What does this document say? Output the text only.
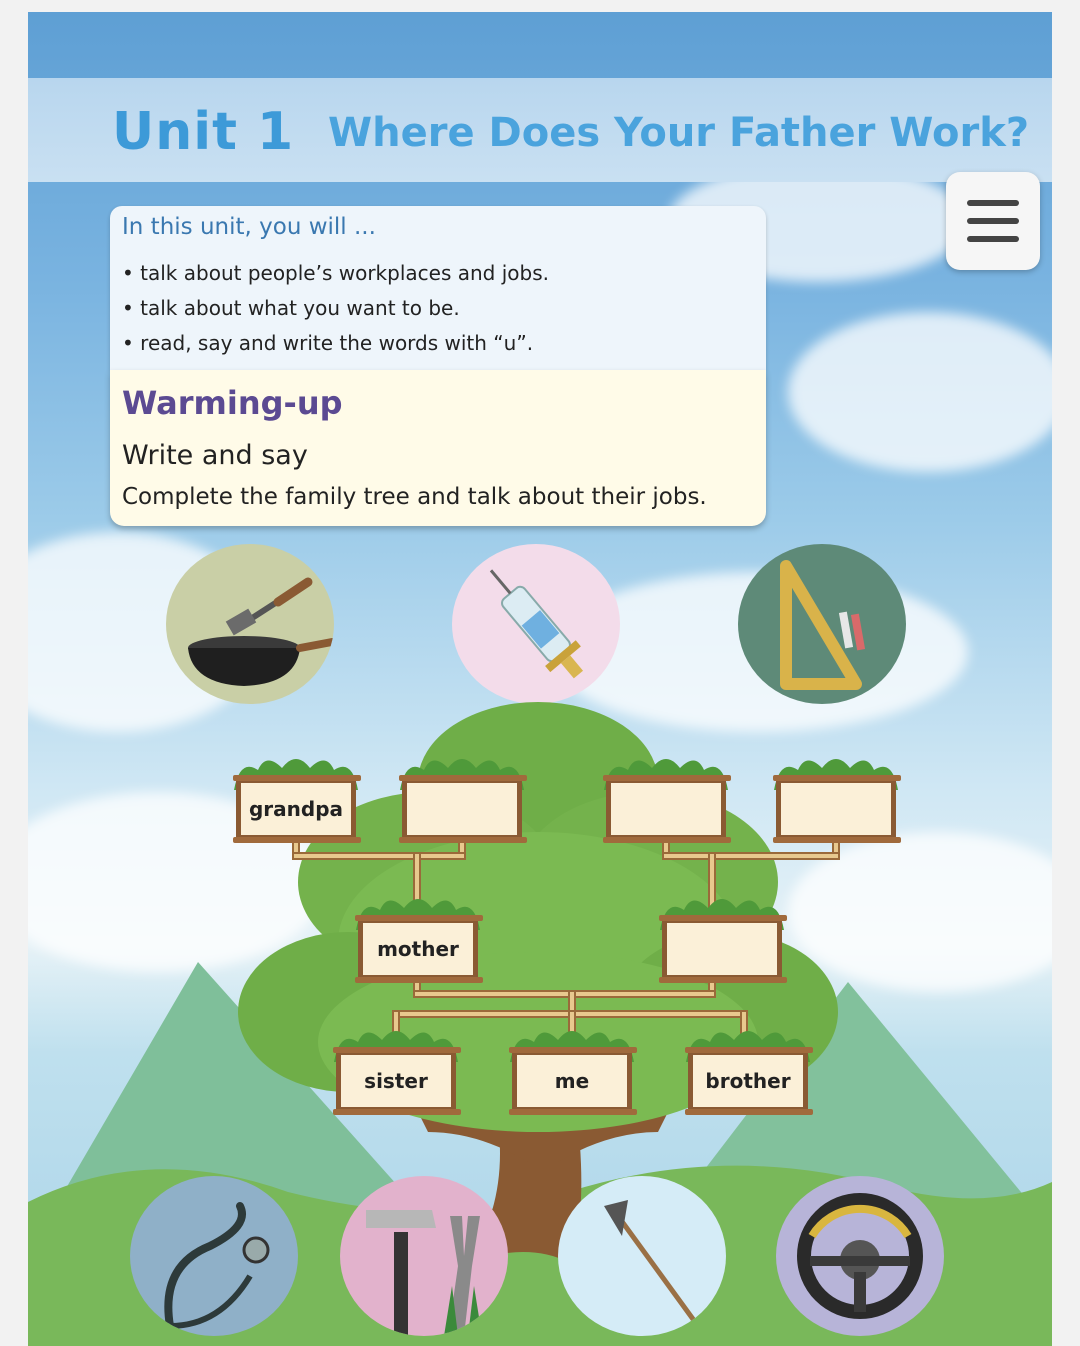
Unit 1 Where Does Your Father Work?
In this unit, you will ...
• talk about people’s workplaces and jobs.
• talk about what you want to be.
• read, say and write the words with “u”.
Warming-up
Write and say
Complete the family tree and talk about their jobs.
grandpa
mother
sister	me	brother
